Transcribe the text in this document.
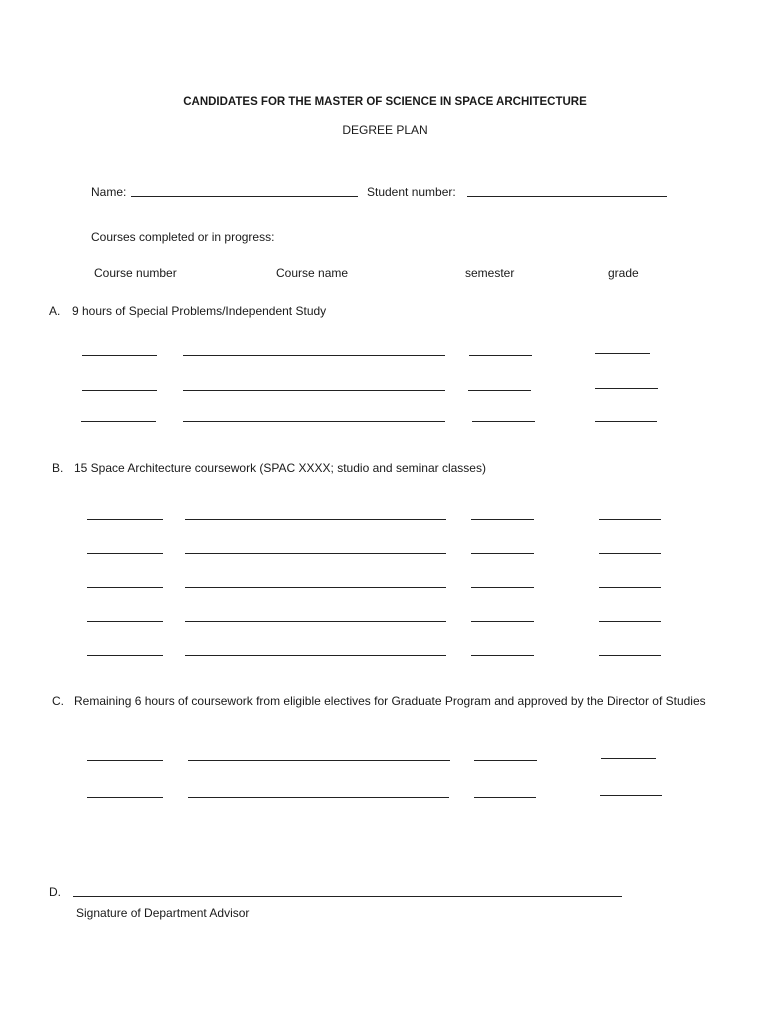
CANDIDATES FOR THE MASTER OF SCIENCE IN SPACE ARCHITECTURE
DEGREE PLAN
Name:	Student number:
Courses completed or in progress:
Course number	Course name	semester	grade
A. 9 hours of Special Problems/Independent Study
B. 15 Space Architecture coursework (SPAC XXXX; studio and seminar classes)
C. Remaining 6 hours of coursework from eligible electives for Graduate Program and approved by the Director of Studies
D.
Signature of Department Advisor
